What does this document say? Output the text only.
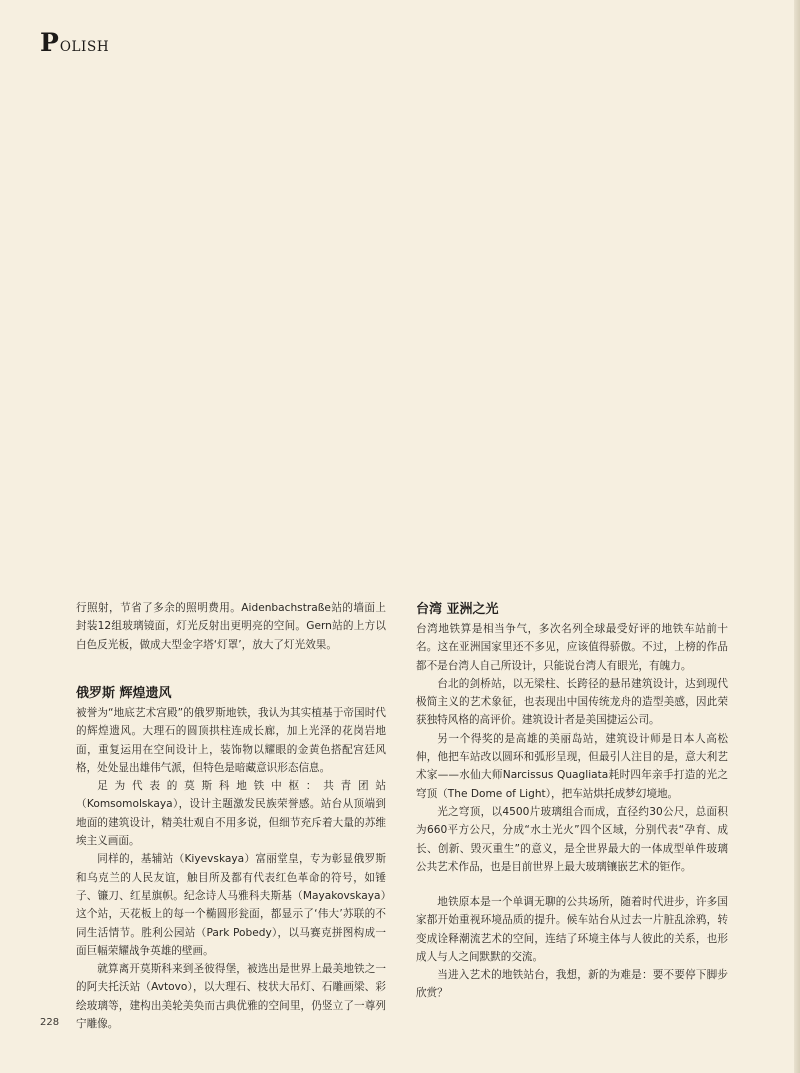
P OLISH

行照射，节省了多余的照明费用。Aidenbachstraße站的墙面上封装12组玻璃镜面，灯光反射出更明亮的空间。Gern站的上方以白色反光板，做成大型金字塔‘灯罩’，放大了灯光效果。

俄罗斯 辉煌遗风

被誉为“地底艺术宫殿”的俄罗斯地铁，我认为其实植基于帝国时代的辉煌遗风。大理石的圆顶拱柱连成长廊，加上光泽的花岗岩地面，重复运用在空间设计上，装饰物以耀眼的金黄色搭配宫廷风格，处处显出雄伟气派，但特色是暗藏意识形态信息。

足为代表的莫斯科地铁中枢：共青团站（Komsomolskaya），设计主题激发民族荣誉感。站台从顶端到地面的建筑设计，精美壮观自不用多说，但细节充斥着大量的苏维埃主义画面。

同样的，基辅站（Kiyevskaya）富丽堂皇，专为彰显俄罗斯和乌克兰的人民友谊，触目所及都有代表红色革命的符号，如锤子、镰刀、红星旗帜。纪念诗人马雅科夫斯基（Mayakovskaya）这个站，天花板上的每一个椭圆形瓮面，都显示了‘伟大’苏联的不同生活情节。胜利公园站（Park Pobedy），以马赛克拼图构成一面巨幅荣耀战争英雄的壁画。

就算离开莫斯科来到圣彼得堡，被选出是世界上最美地铁之一的阿夫托沃站（Avtovo），以大理石、枝状大吊灯、石雕画梁、彩绘玻璃等，建构出美轮美奂而古典优雅的空间里，仍竖立了一尊列宁雕像。

台湾 亚洲之光

台湾地铁算是相当争气，多次名列全球最受好评的地铁车站前十名。这在亚洲国家里还不多见，应该值得骄傲。不过，上榜的作品都不是台湾人自己所设计，只能说台湾人有眼光，有魄力。

台北的剑桥站，以无梁柱、长跨径的悬吊建筑设计，达到现代极简主义的艺术象征，也表现出中国传统龙舟的造型美感，因此荣获独特风格的高评价。建筑设计者是美国捷运公司。

另一个得奖的是高雄的美丽岛站，建筑设计师是日本人高松伸，他把车站改以圆环和弧形呈现，但最引人注目的是，意大利艺术家——水仙大师Narcissus Quagliata耗时四年亲手打造的光之穹顶（The Dome of Light），把车站烘托成梦幻境地。

光之穹顶，以4500片玻璃组合而成，直径约30公尺，总面积为660平方公尺，分成“水土光火”四个区域，分别代表“孕育、成长、创新、毁灭重生”的意义，是全世界最大的一体成型单件玻璃公共艺术作品，也是目前世界上最大玻璃镶嵌艺术的钜作。

地铁原本是一个单调无聊的公共场所，随着时代进步，许多国家都开始重视环境品质的提升。候车站台从过去一片脏乱涂鸦，转变成诠释潮流艺术的空间，连结了环境主体与人彼此的关系，也形成人与人之间默默的交流。

当进入艺术的地铁站台，我想，新的为难是：要不要停下脚步欣赏？

228
